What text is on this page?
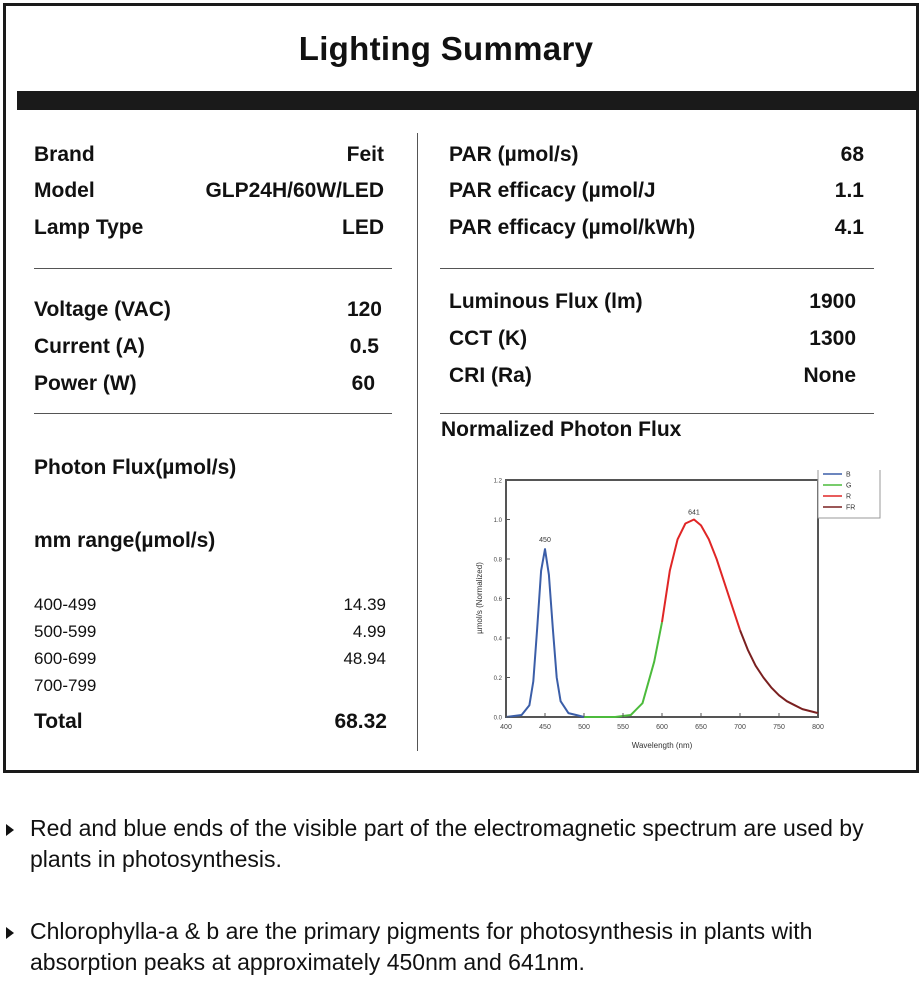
Lighting Summary
Brand	Feit
Model	GLP24H/60W/LED
Lamp Type	LED
Voltage (VAC)	120
Current (A)	0.5
Power (W)	60
Photon Flux(µmol/s)
mm range(µmol/s)
400-499	14.39
500-599	4.99
600-699	48.94
700-799
Total	68.32
PAR (µmol/s)	68
PAR efficacy (µmol/J	1.1
PAR efficacy (µmol/kWh)	4.1
Luminous Flux (lm)	1900
CCT (K)	1300
CRI (Ra)	None
Normalized Photon Flux
400	450	500	550	600	650	700	750	800
0.0
0.2
0.4
0.6
0.8
1.0
1.2
450
641
Wavelength (nm)
µmol/s (Normalized)
B
G
R
FR
Red and blue ends of the visible part of the electromagnetic spectrum are used by plants in photosynthesis.
Chlorophylla-a & b are the primary pigments for photosynthesis in plants with absorption peaks at approximately 450nm and 641nm.
